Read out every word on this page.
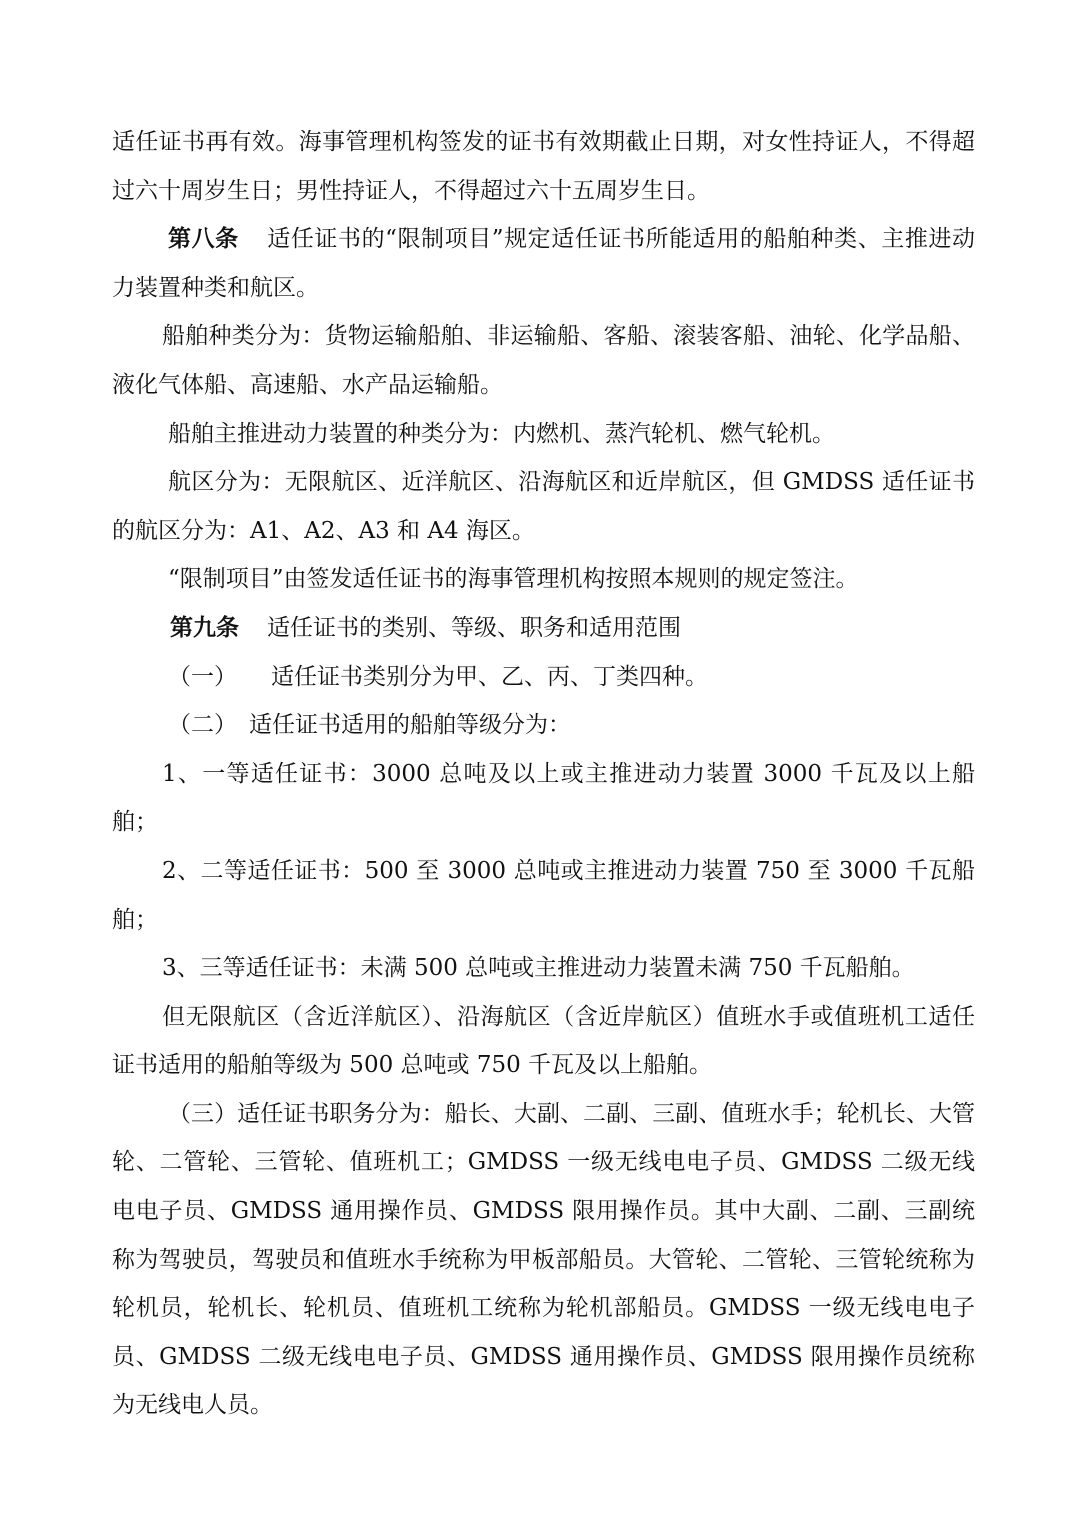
适任证书再有效。海事管理机构签发的证书有效期截止日期，对女性持证人，不得超过六十周岁生日；男性持证人，不得超过六十五周岁生日。

第八条 适任证书的“限制项目”规定适任证书所能适用的船舶种类、主推进动力装置种类和航区。

船舶种类分为：货物运输船舶、非运输船、客船、滚装客船、油轮、化学品船、液化气体船、高速船、水产品运输船。

船舶主推进动力装置的种类分为：内燃机、蒸汽轮机、燃气轮机。

航区分为：无限航区、近洋航区、沿海航区和近岸航区，但 GMDSS 适任证书的航区分为：A1、A2、A3 和 A4 海区。

“限制项目”由签发适任证书的海事管理机构按照本规则的规定签注。

第九条 适任证书的类别、等级、职务和适用范围

（一） 适任证书类别分为甲、乙、丙、丁类四种。

（二） 适任证书适用的船舶等级分为：

1、一等适任证书：3000 总吨及以上或主推进动力装置 3000 千瓦及以上船舶；

2、二等适任证书：500 至 3000 总吨或主推进动力装置 750 至 3000 千瓦船舶；

3、三等适任证书：未满 500 总吨或主推进动力装置未满 750 千瓦船舶。

但无限航区（含近洋航区）、沿海航区（含近岸航区）值班水手或值班机工适任证书适用的船舶等级为 500 总吨或 750 千瓦及以上船舶。

（三）适任证书职务分为：船长、大副、二副、三副、值班水手；轮机长、大管轮、二管轮、三管轮、值班机工；GMDSS 一级无线电电子员、GMDSS 二级无线电电子员、GMDSS 通用操作员、GMDSS 限用操作员。其中大副、二副、三副统称为驾驶员，驾驶员和值班水手统称为甲板部船员。大管轮、二管轮、三管轮统称为轮机员，轮机长、轮机员、值班机工统称为轮机部船员。GMDSS 一级无线电电子员、GMDSS 二级无线电电子员、GMDSS 通用操作员、GMDSS 限用操作员统称为无线电人员。
